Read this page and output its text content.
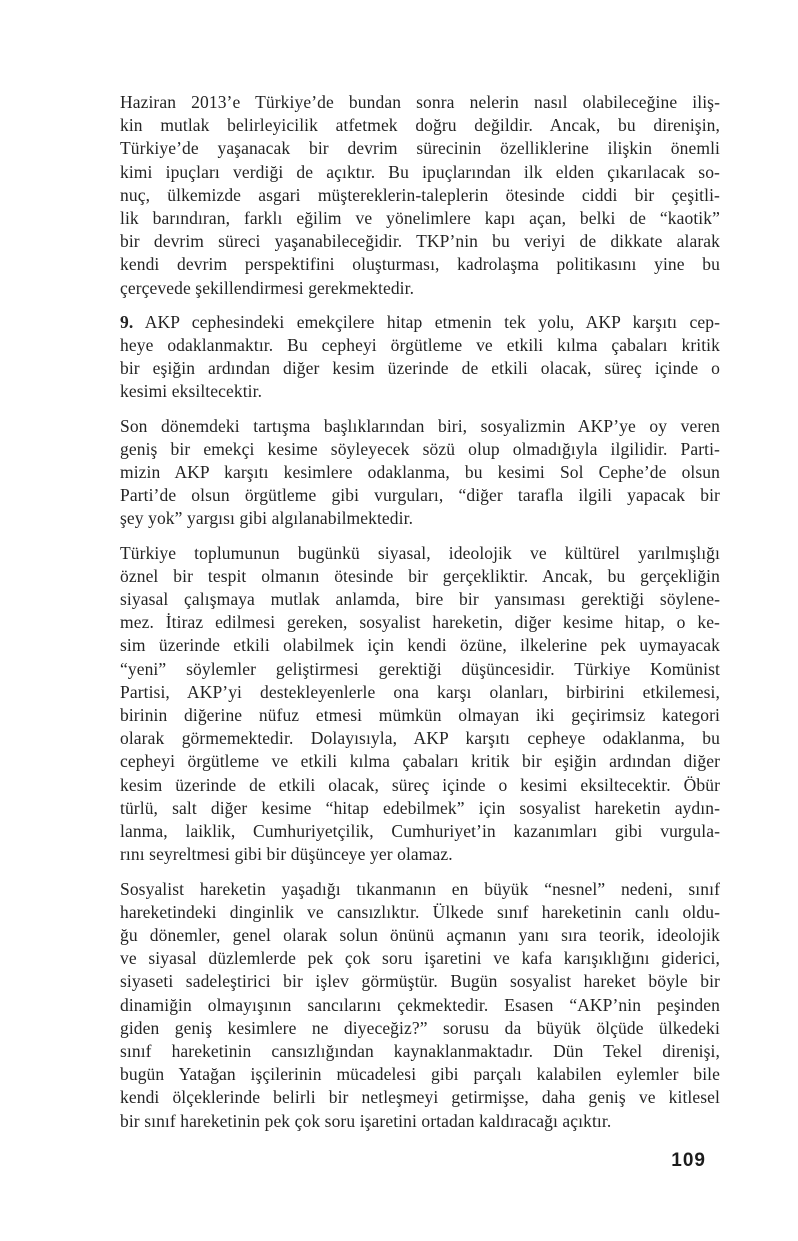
Haziran 2013’e Türkiye’de bundan sonra nelerin nasıl olabileceğine iliş-
kin mutlak belirleyicilik atfetmek doğru değildir. Ancak, bu direnişin,
Türkiye’de yaşanacak bir devrim sürecinin özelliklerine ilişkin önemli
kimi ipuçları verdiği de açıktır. Bu ipuçlarından ilk elden çıkarılacak so-
nuç, ülkemizde asgari müştereklerin-taleplerin ötesinde ciddi bir çeşitli-
lik barındıran, farklı eğilim ve yönelimlere kapı açan, belki de “kaotik”
bir devrim süreci yaşanabileceğidir. TKP’nin bu veriyi de dikkate alarak
kendi devrim perspektifini oluşturması, kadrolaşma politikasını yine bu
çerçevede şekillendirmesi gerekmektedir.
9. AKP cephesindeki emekçilere hitap etmenin tek yolu, AKP karşıtı cep-
heye odaklanmaktır. Bu cepheyi örgütleme ve etkili kılma çabaları kritik
bir eşiğin ardından diğer kesim üzerinde de etkili olacak, süreç içinde o
kesimi eksiltecektir.
Son dönemdeki tartışma başlıklarından biri, sosyalizmin AKP’ye oy veren
geniş bir emekçi kesime söyleyecek sözü olup olmadığıyla ilgilidir. Parti-
mizin AKP karşıtı kesimlere odaklanma, bu kesimi Sol Cephe’de olsun
Parti’de olsun örgütleme gibi vurguları, “diğer tarafla ilgili yapacak bir
şey yok” yargısı gibi algılanabilmektedir.
Türkiye toplumunun bugünkü siyasal, ideolojik ve kültürel yarılmışlığı
öznel bir tespit olmanın ötesinde bir gerçekliktir. Ancak, bu gerçekliğin
siyasal çalışmaya mutlak anlamda, bire bir yansıması gerektiği söylene-
mez. İtiraz edilmesi gereken, sosyalist hareketin, diğer kesime hitap, o ke-
sim üzerinde etkili olabilmek için kendi özüne, ilkelerine pek uymayacak
“yeni” söylemler geliştirmesi gerektiği düşüncesidir. Türkiye Komünist
Partisi, AKP’yi destekleyenlerle ona karşı olanları, birbirini etkilemesi,
birinin diğerine nüfuz etmesi mümkün olmayan iki geçirimsiz kategori
olarak görmemektedir. Dolayısıyla, AKP karşıtı cepheye odaklanma, bu
cepheyi örgütleme ve etkili kılma çabaları kritik bir eşiğin ardından diğer
kesim üzerinde de etkili olacak, süreç içinde o kesimi eksiltecektir. Öbür
türlü, salt diğer kesime “hitap edebilmek” için sosyalist hareketin aydın-
lanma, laiklik, Cumhuriyetçilik, Cumhuriyet’in kazanımları gibi vurgula-
rını seyreltmesi gibi bir düşünceye yer olamaz.
Sosyalist hareketin yaşadığı tıkanmanın en büyük “nesnel” nedeni, sınıf
hareketindeki dinginlik ve cansızlıktır. Ülkede sınıf hareketinin canlı oldu-
ğu dönemler, genel olarak solun önünü açmanın yanı sıra teorik, ideolojik
ve siyasal düzlemlerde pek çok soru işaretini ve kafa karışıklığını giderici,
siyaseti sadeleştirici bir işlev görmüştür. Bugün sosyalist hareket böyle bir
dinamiğin olmayışının sancılarını çekmektedir. Esasen “AKP’nin peşinden
giden geniş kesimlere ne diyeceğiz?” sorusu da büyük ölçüde ülkedeki
sınıf hareketinin cansızlığından kaynaklanmaktadır. Dün Tekel direnişi,
bugün Yatağan işçilerinin mücadelesi gibi parçalı kalabilen eylemler bile
kendi ölçeklerinde belirli bir netleşmeyi getirmişse, daha geniş ve kitlesel
bir sınıf hareketinin pek çok soru işaretini ortadan kaldıracağı açıktır.
109
